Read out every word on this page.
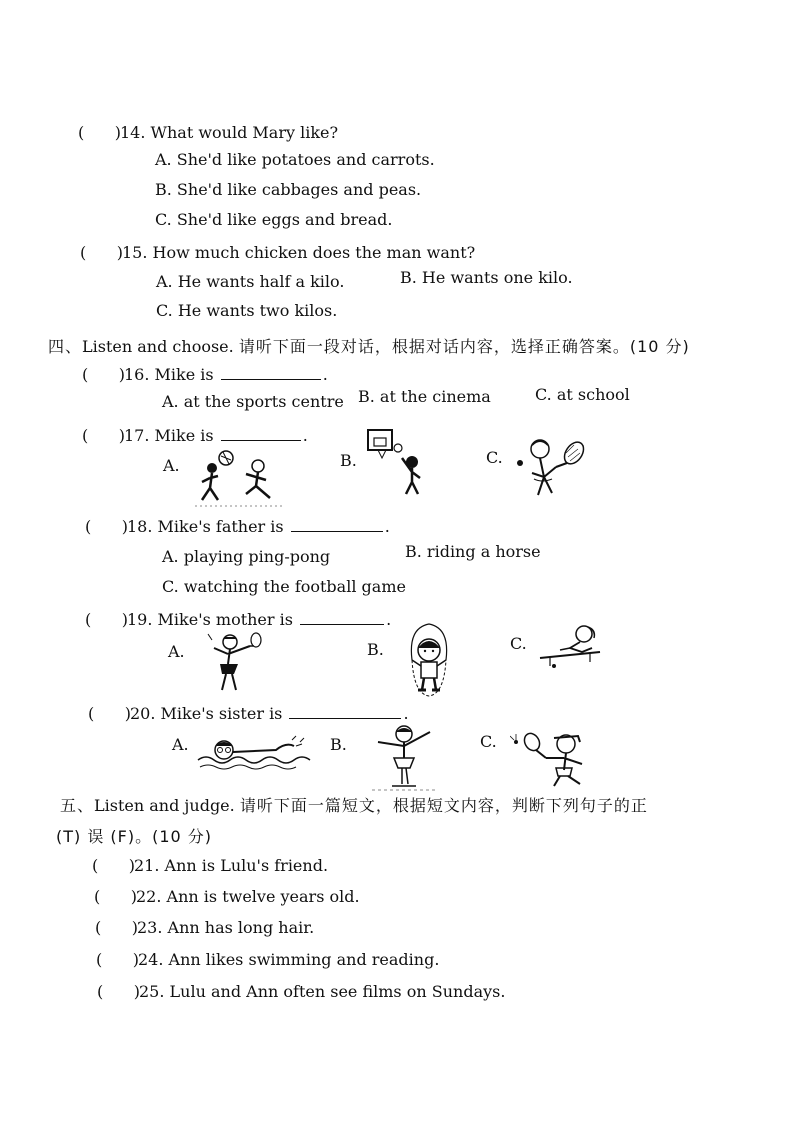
( )14. What would Mary like?
A. She'd like potatoes and carrots.
B. She'd like cabbages and peas.
C. She'd like eggs and bread.
( )15. How much chicken does the man want?
A. He wants half a kilo.	B. He wants one kilo.
C. He wants two kilos.
四、Listen and choose. 请听下面一段对话，根据对话内容，选择正确答案。(10 分)
( )16. Mike is	.
A. at the sports centre B. at the cinema	C. at school
( )17. Mike is	.
A.	B.	C.
( )18. Mike's father is	.
A. playing ping-pong	B. riding a horse
C. watching the football game
( )19. Mike's mother is	.
A.	B.	C.
( )20. Mike's sister is	.
A.	B.	C.
五、Listen and judge. 请听下面一篇短文，根据短文内容，判断下列句子的正
(T) 误 (F)。(10 分)
( )21. Ann is Lulu's friend.
( )22. Ann is twelve years old.
( )23. Ann has long hair.
( )24. Ann likes swimming and reading.
( )25. Lulu and Ann often see films on Sundays.
